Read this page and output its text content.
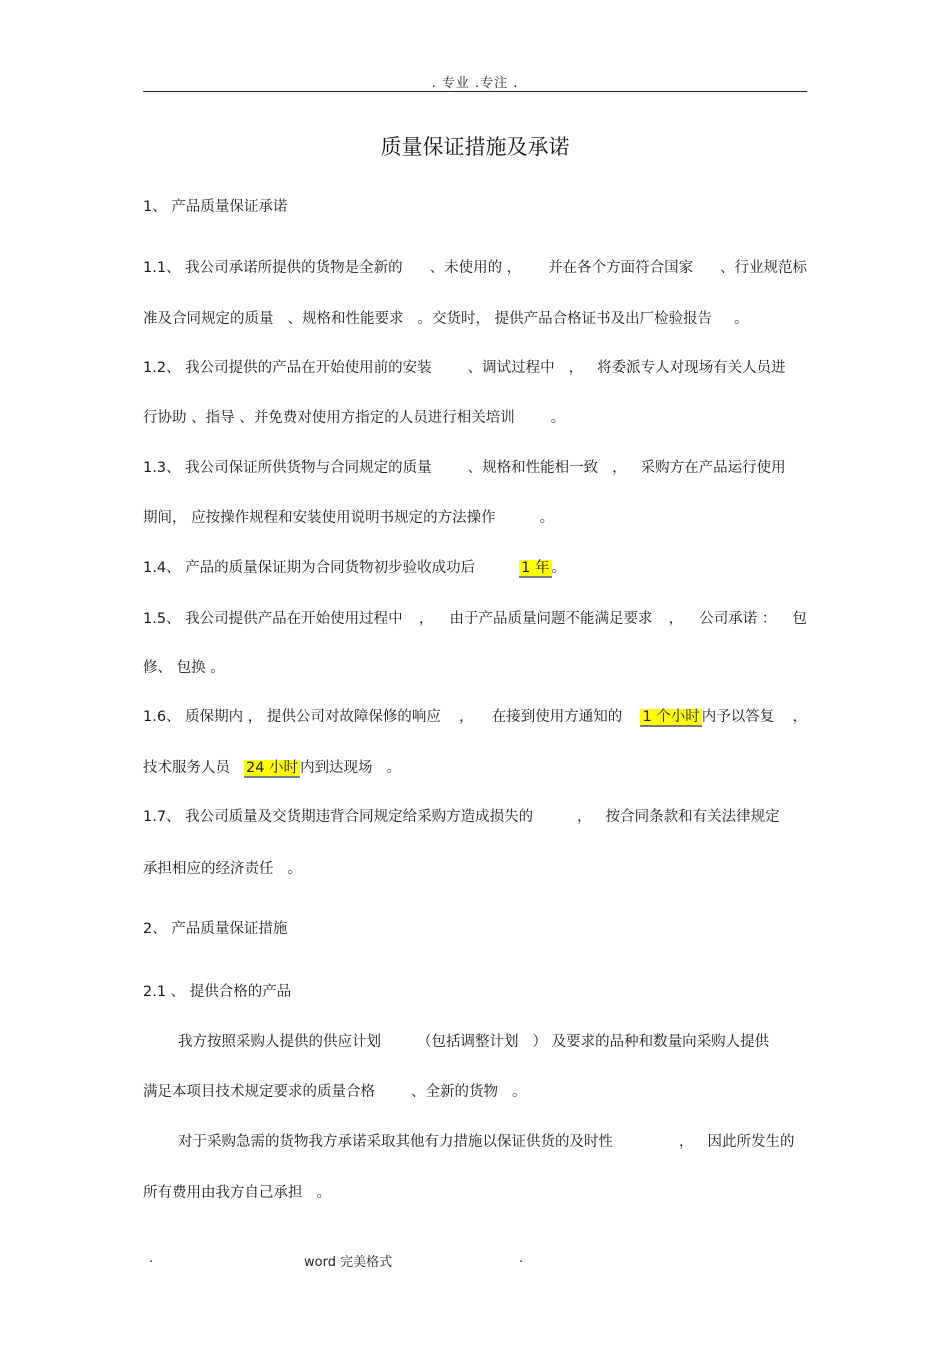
. 专业 .专注 .
质量保证措施及承诺
1、 产品质量保证承诺
1.1、 我公司承诺所提供的货物是全新的 、未使用的 ， 并在各个方面符合国家 、行业规范标
准及合同规定的质量 、规格和性能要求 。交货时， 提供产品合格证书及出厂检验报告 。
1.2、 我公司提供的产品在开始使用前的安装 、调试过程中 ， 将委派专人对现场有关人员进
行协助 、指导 、并免费对使用方指定的人员进行相关培训 。
1.3、 我公司保证所供货物与合同规定的质量 、规格和性能相一致 ， 采购方在产品运行使用
期间， 应按操作规程和安装使用说明书规定的方法操作	。
1.4、 产品的质量保证期为合同货物初步验收成功后	1 年 。
1.5、 我公司提供产品在开始使用过程中 ， 由于产品质量问题不能满足要求 ， 公司承诺 ： 包
修、 包换 。
1.6、 质保期内 ， 提供公司对故障保修的响应 ， 在接到使用方通知的 1 个小时 内予以答复 ，
技术服务人员 24 小时 内到达现场 。
1.7、 我公司质量及交货期违背合同规定给采购方造成损失的	， 按合同条款和有关法律规定
承担相应的经济责任 。
2、 产品质量保证措施
2.1 、 提供合格的产品
我方按照采购人提供的供应计划 （包括调整计划 ） 及要求的品种和数量向采购人提供
满足本项目技术规定要求的质量合格 、全新的货物 。
对于采购急需的货物我方承诺采取其他有力措施以保证供货的及时性	， 因此所发生的
所有费用由我方自己承担 。
.	word 完美格式	.
